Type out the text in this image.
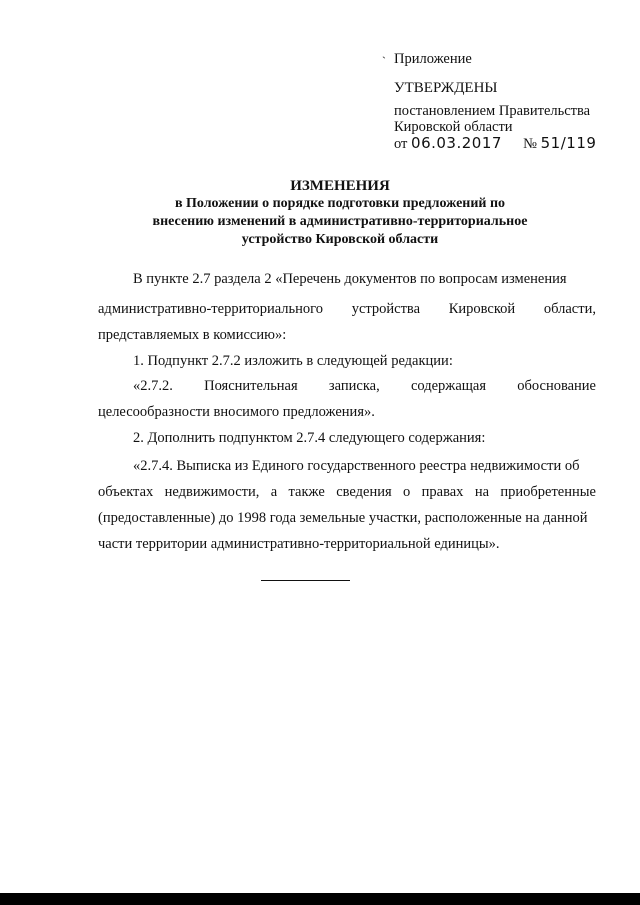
ˋ Приложение
УТВЕРЖДЕНЫ
постановлением Правительства
Кировской области
от 06.03.2017 № 51/119
ИЗМЕНЕНИЯ
в Положении о порядке подготовки предложений по
внесению изменений в административно-территориальное
устройство Кировской области
В пункте 2.7 раздела 2 «Перечень документов по вопросам изменения
административно-территориального устройства Кировской области,
представляемых в комиссию»:
1. Подпункт 2.7.2 изложить в следующей редакции:
«2.7.2. Пояснительная записка, содержащая обоснование
целесообразности вносимого предложения».
2. Дополнить подпунктом 2.7.4 следующего содержания:
«2.7.4. Выписка из Единого государственного реестра недвижимости об
объектах недвижимости, а также сведения о правах на приобретенные
(предоставленные) до 1998 года земельные участки, расположенные на данной
части территории административно-территориальной единицы».
